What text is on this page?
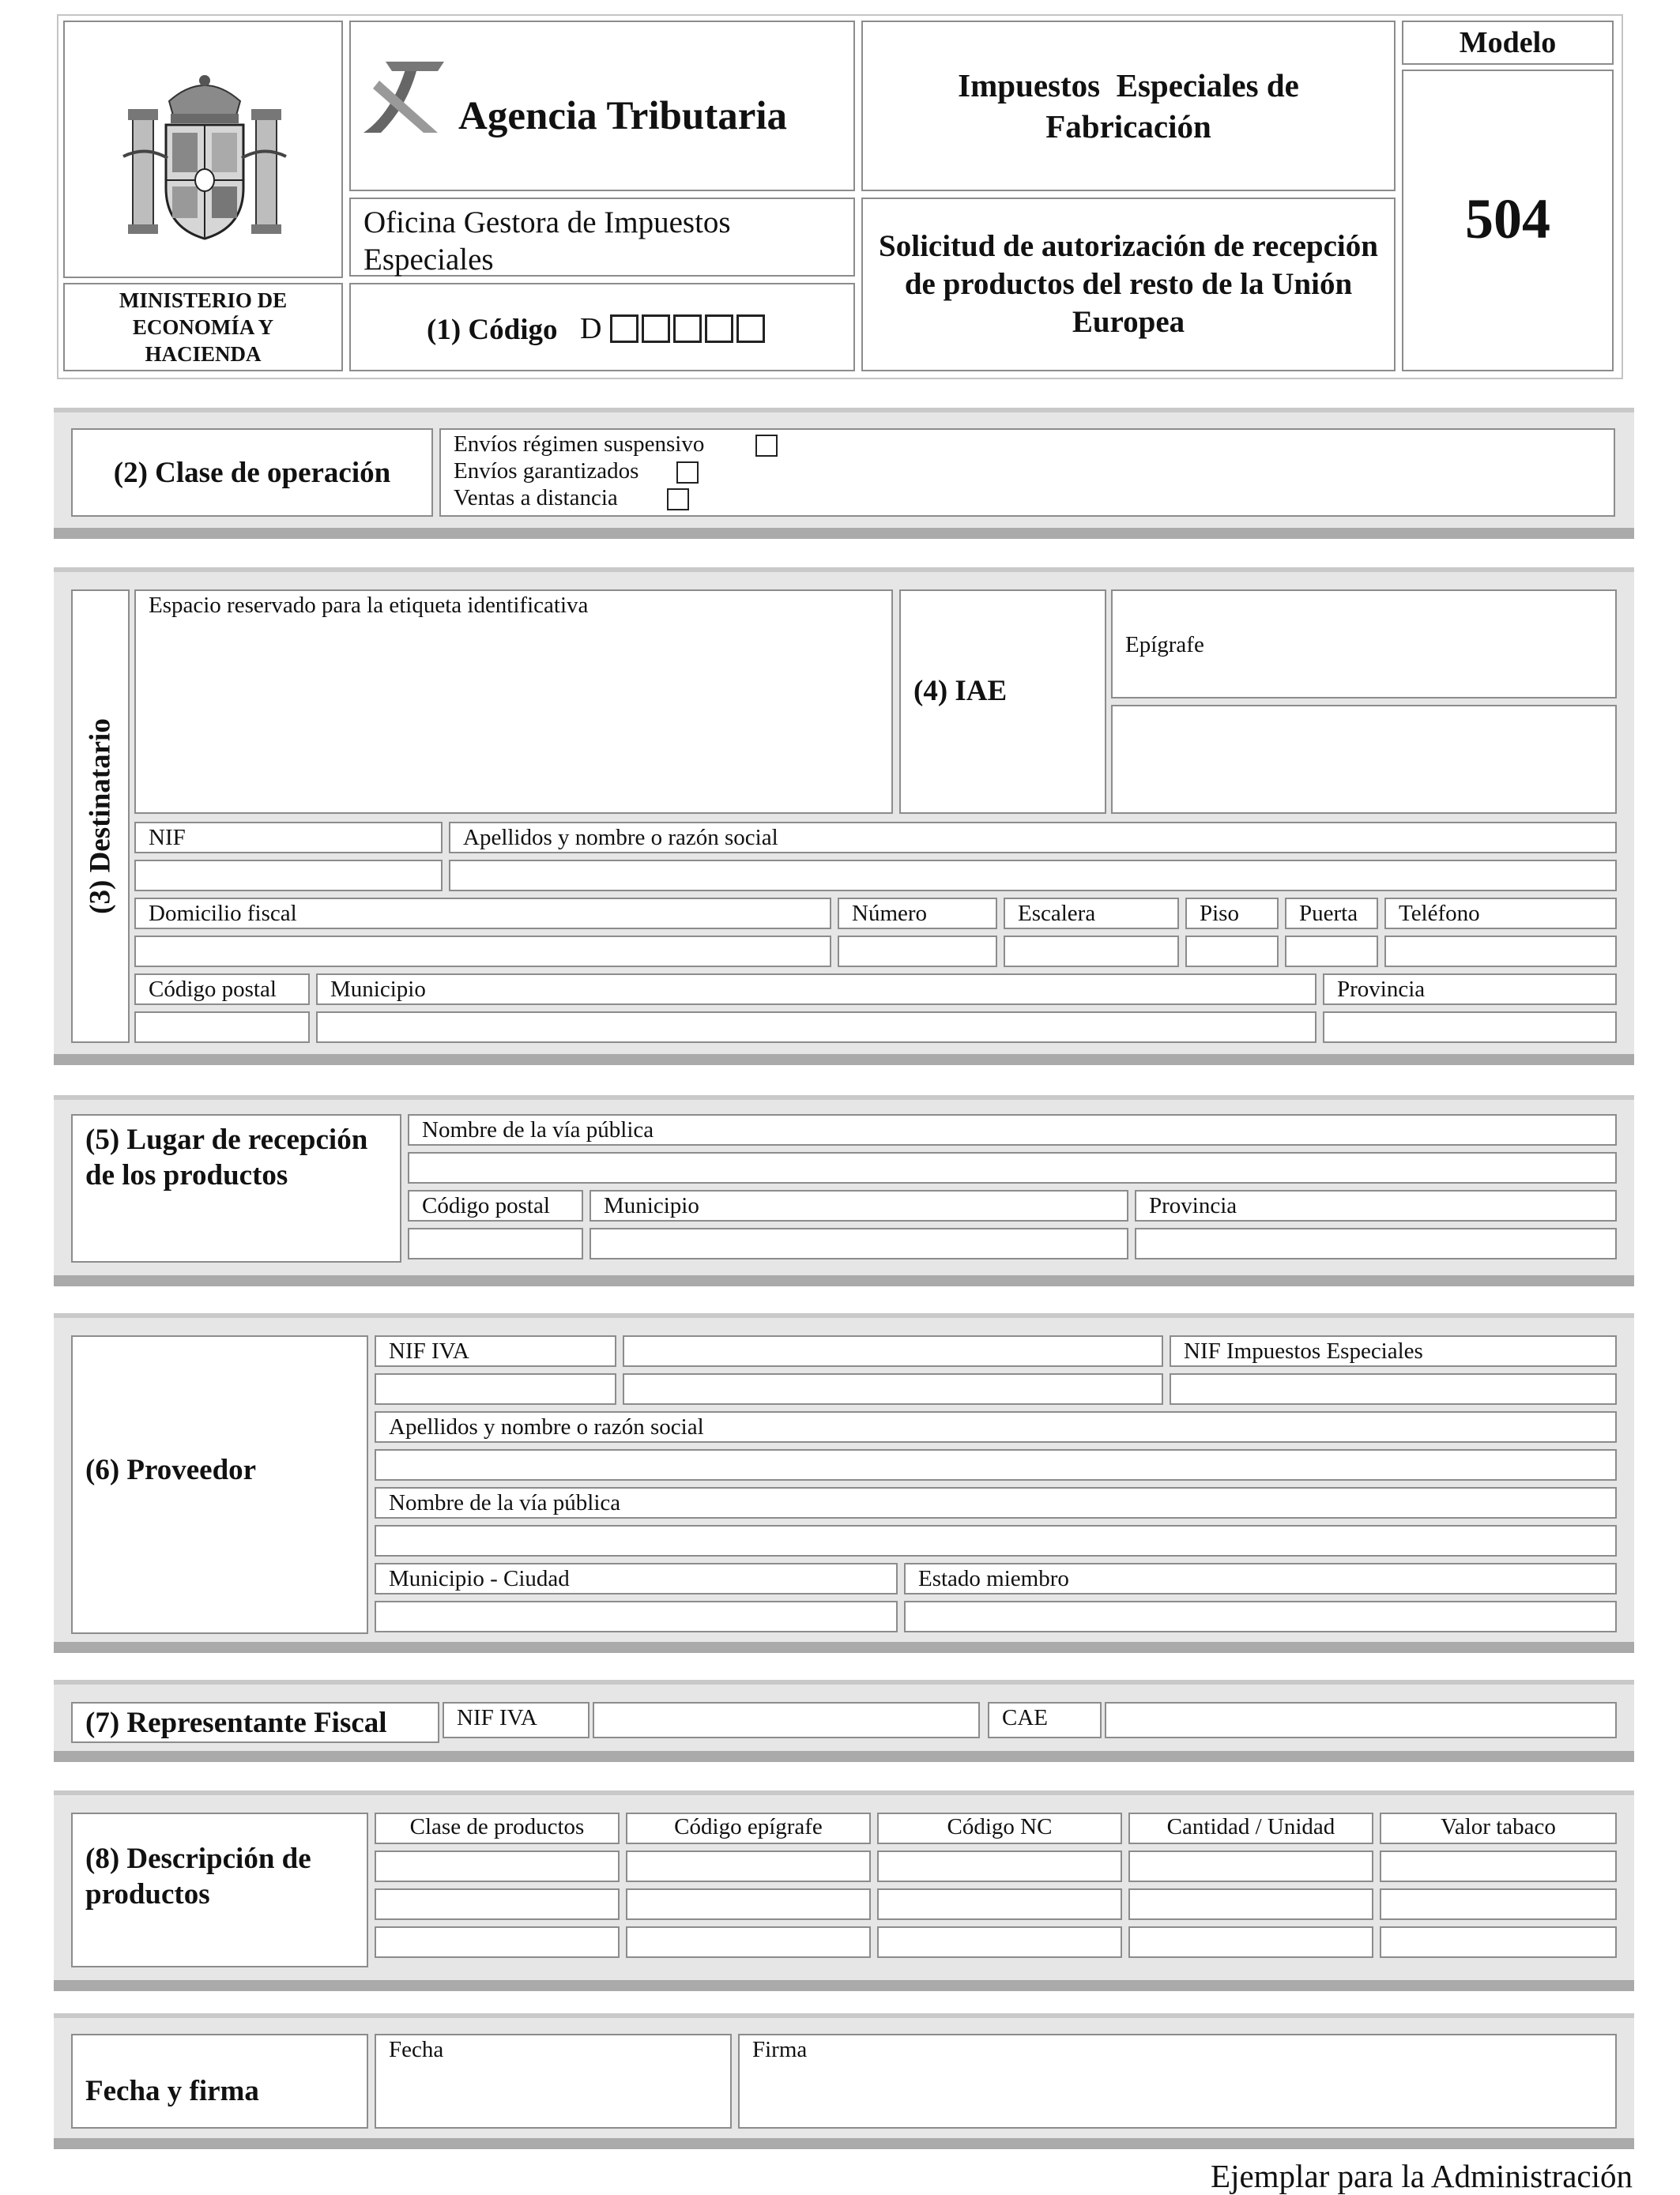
MINISTERIO DE ECONOMÍA Y HACIENDA
Agencia Tributaria
Oficina Gestora de Impuestos Especiales
(1) Código D
Impuestos  Especiales de Fabricación
Solicitud de autorización de recepción de productos del resto de la Unión Europea
Modelo
504
(2) Clase de operación
Envíos régimen suspensivo
Envíos garantizados
Ventas a distancia
(3) Destinatario
Espacio reservado para la etiqueta identificativa
(4) IAE
Epígrafe
NIF	Apellidos y nombre o razón social
Domicilio fiscal	Número	Escalera	Piso	Puerta	Teléfono
Código postal	Municipio	Provincia
(5) Lugar de recepción de los productos
Nombre de la vía pública
Código postal	Municipio	Provincia
(6) Proveedor
NIF IVA	NIF Impuestos Especiales
Apellidos y nombre o razón social
Nombre de la vía pública
Municipio - Ciudad	Estado miembro
(7) Representante Fiscal	NIF IVA	CAE
(8) Descripción de productos
Clase de productos	Código epígrafe	Código NC	Cantidad / Unidad	Valor tabaco
Fecha y firma
Fecha	Firma
Ejemplar para la Administración
